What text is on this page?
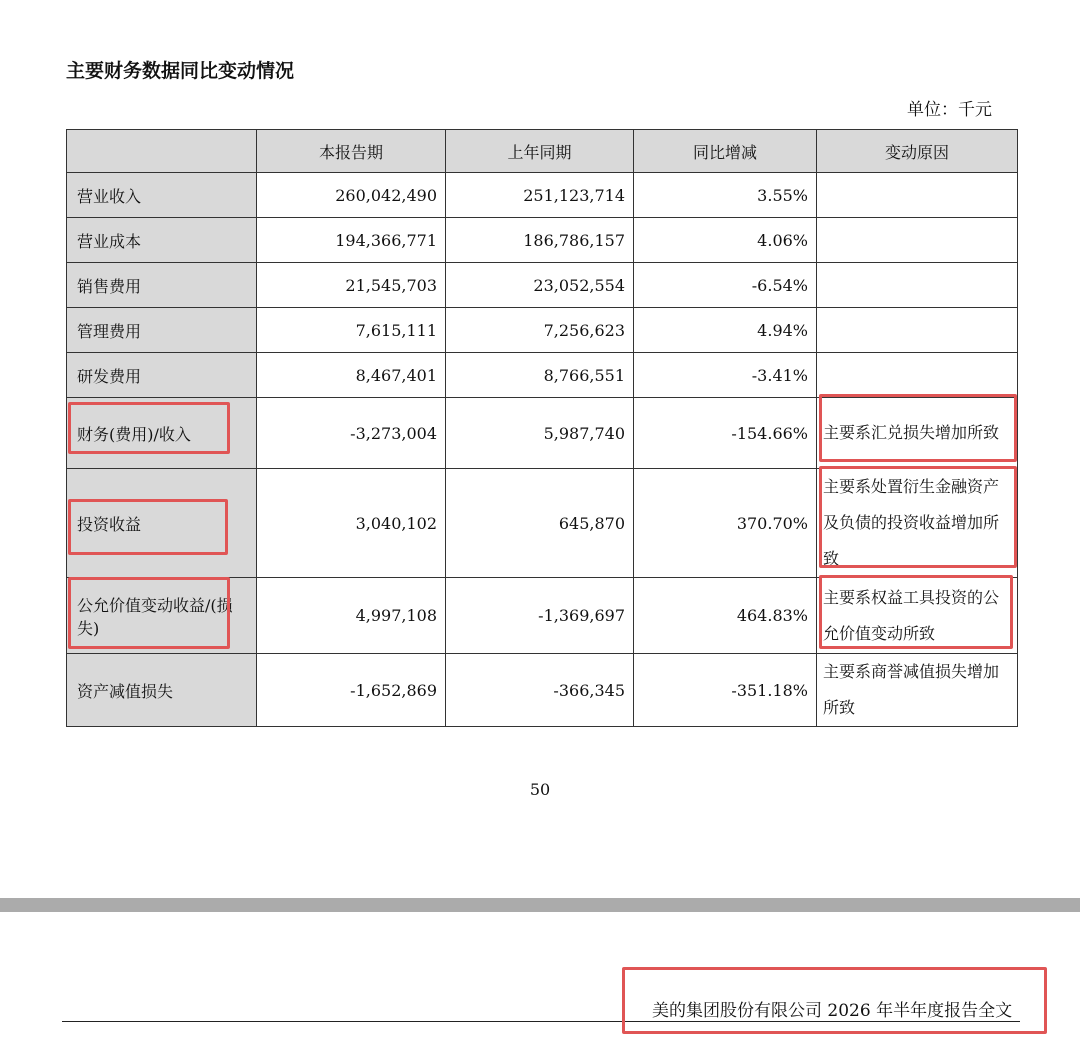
主要财务数据同比变动情况
单位：千元
	本报告期	上年同期	同比增减	变动原因
营业收入	260,042,490	251,123,714	3.55%	
营业成本	194,366,771	186,786,157	4.06%	
销售费用	21,545,703	23,052,554	-6.54%	
管理费用	7,615,111	7,256,623	4.94%	
研发费用	8,467,401	8,766,551	-3.41%	
财务(费用)/收入	-3,273,004	5,987,740	-154.66%	主要系汇兑损失增加所致
投资收益	3,040,102	645,870	370.70%	主要系处置衍生金融资产及负债的投资收益增加所致
公允价值变动收益/(损失)	4,997,108	-1,369,697	464.83%	主要系权益工具投资的公允价值变动所致
资产减值损失	-1,652,869	-366,345	-351.18%	主要系商誉减值损失增加所致
50
美的集团股份有限公司 2026 年半年度报告全文
